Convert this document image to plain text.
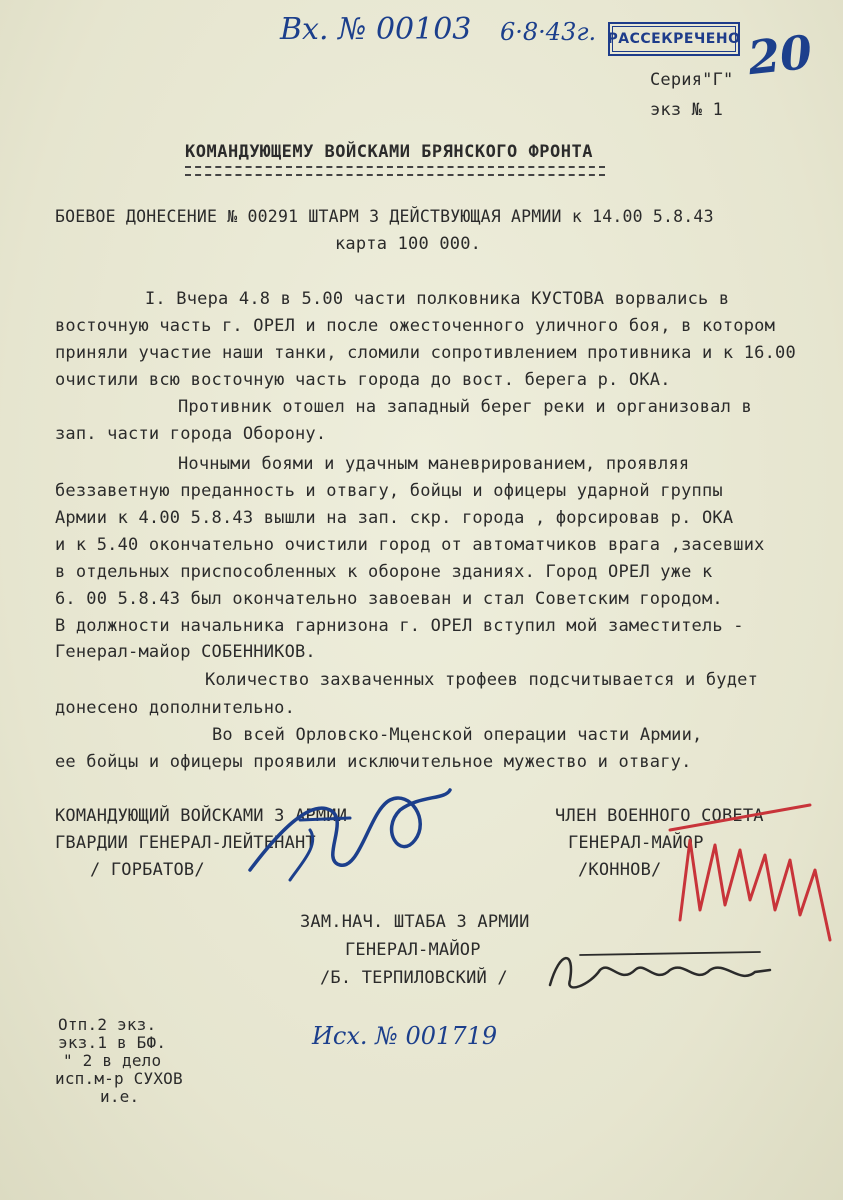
Вх. № 00103 6·8·43г. РАССЕКРЕЧЕНО 20
Серия"Г"
экз № 1
КОМАНДУЮЩЕМУ ВОЙСКАМИ БРЯНСКОГО ФРОНТА
БОЕВОЕ ДОНЕСЕНИЕ № 00291 ШТАРМ 3 ДЕЙСТВУЮЩАЯ АРМИИ к 14.00 5.8.43
карта 100 000.
I. Вчера 4.8 в 5.00 части полковника КУСТОВА ворвались в
восточную часть г. ОРЕЛ и после ожесточенного уличного боя, в котором
приняли участие наши танки, сломили сопротивлением противника и к 16.00
очистили всю восточную часть города до вост. берега р. ОКА.
Противник отошел на западный берег реки и организовал в
зап. части города Оборону.
Ночными боями и удачным маневрированием, проявляя
беззаветную преданность и отвагу, бойцы и офицеры ударной группы
Армии к 4.00 5.8.43 вышли на зап. скр. города , форсировав р. ОКА
и к 5.40 окончательно очистили город от автоматчиков врага ,засевших
в отдельных приспособленных к обороне зданиях. Город ОРЕЛ уже к
6. 00 5.8.43 был окончательно завоеван и стал Советским городом.
В должности начальника гарнизона г. ОРЕЛ вступил мой заместитель -
Генерал-майор СОБЕННИКОВ.
Количество захваченных трофеев подсчитывается и будет
донесено дополнительно.
Во всей Орловско-Мценской операции части Армии,
ее бойцы и офицеры проявили исключительное мужество и отвагу.
КОМАНДУЮЩИЙ ВОЙСКАМИ 3 АРМИИ
ГВАРДИИ ГЕНЕРАЛ-ЛЕЙТЕНАНТ
/ ГОРБАТОВ/
ЧЛЕН ВОЕННОГО СОВЕТА
ГЕНЕРАЛ-МАЙОР
/КОННОВ/
ЗАМ.НАЧ. ШТАБА 3 АРМИИ
ГЕНЕРАЛ-МАЙОР
/Б. ТЕРПИЛОВСКИЙ /
Отп.2 экз.
экз.1 в БФ.
" 2 в дело
исп.м-р СУХОВ
и.е.
Исх. № 001719
